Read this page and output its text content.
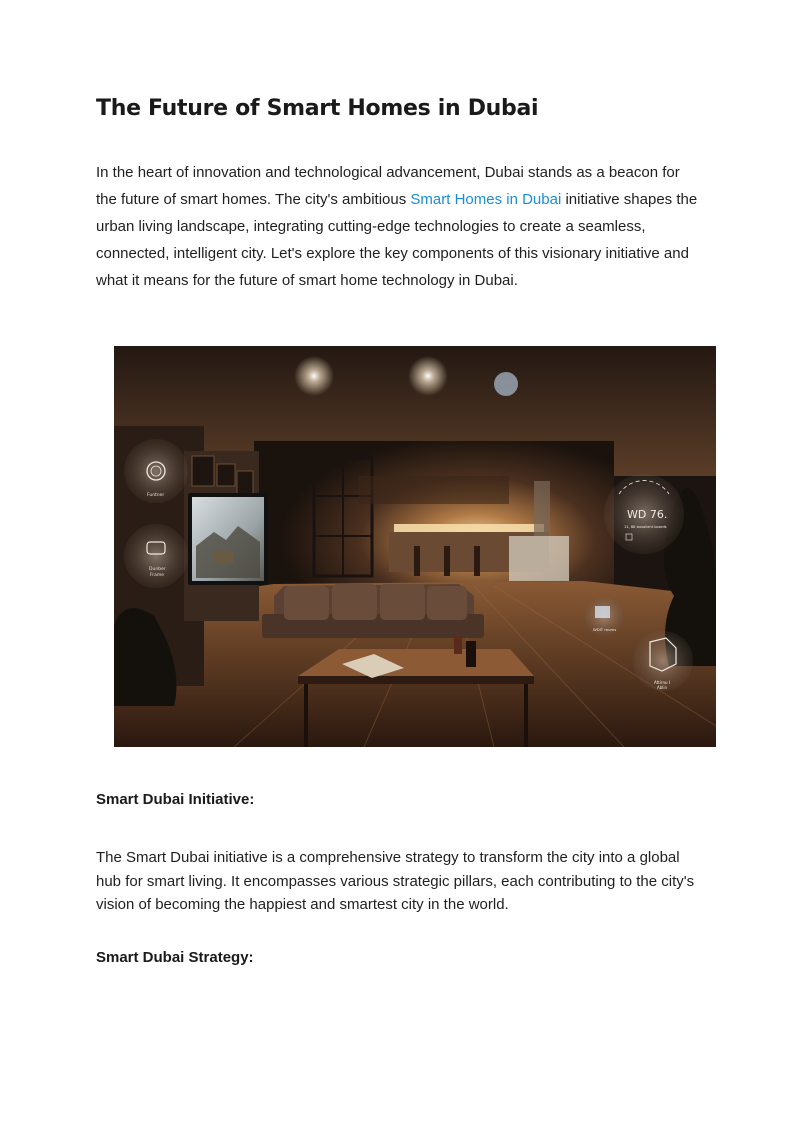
The Future of Smart Homes in Dubai

In the heart of innovation and technological advancement, Dubai stands as a beacon for the future of smart homes. The city's ambitious Smart Homes in Dubai initiative shapes the urban living landscape, integrating cutting-edge technologies to create a seamless, connected, intelligent city. Let's explore the key components of this visionary initiative and what it means for the future of smart home technology in Dubai.

Funtner
Dunber
Frame
WD 76.
11, 88 busaiient boards
WDIT roums
Attirnu l
Ablin
Smart Dubai Initiative:

The Smart Dubai initiative is a comprehensive strategy to transform the city into a global hub for smart living. It encompasses various strategic pillars, each contributing to the city's vision of becoming the happiest and smartest city in the world.

Smart Dubai Strategy:
